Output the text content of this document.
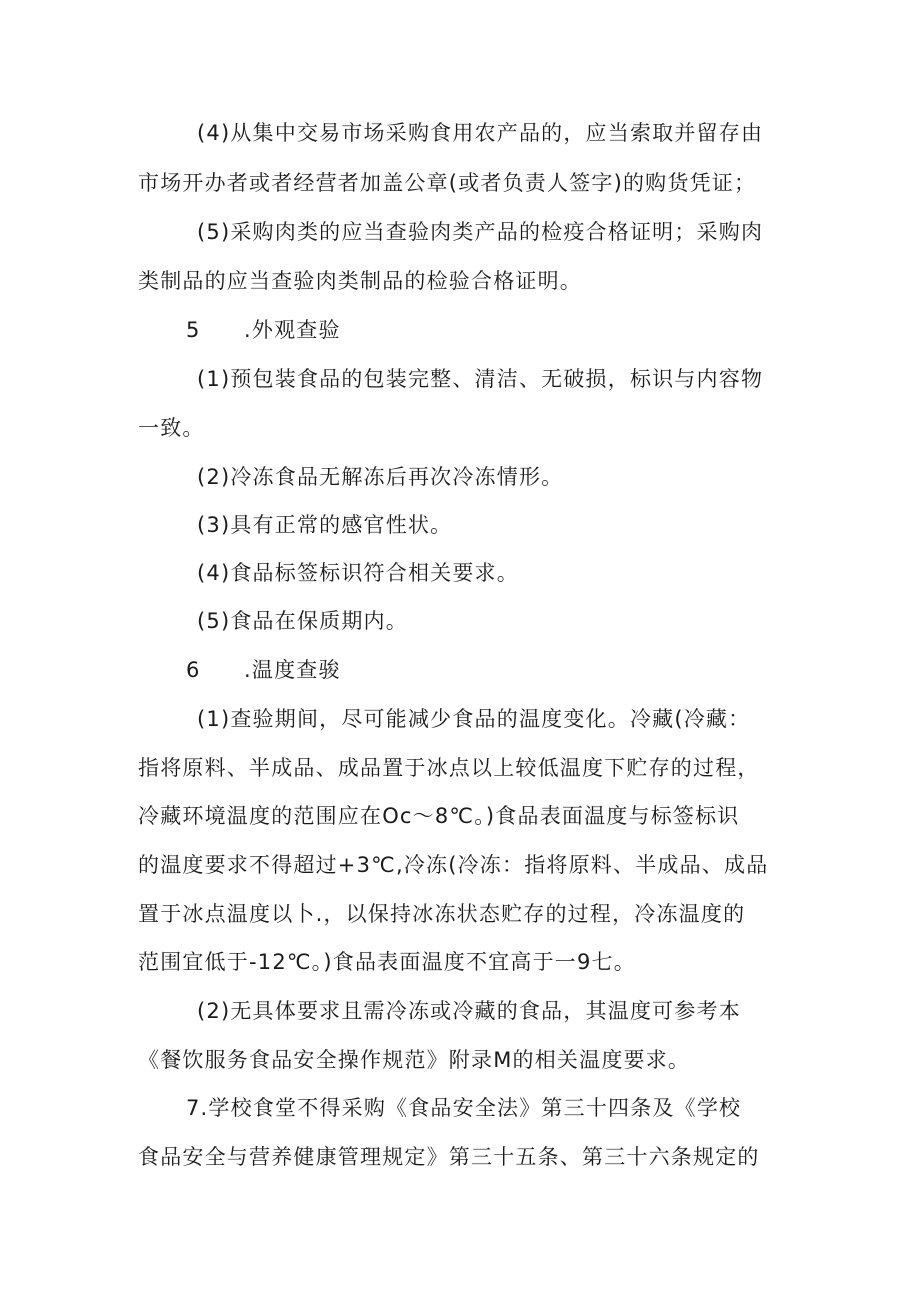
(4)从集中交易市场采购食用农产品的，应当索取并留存由
市场开办者或者经营者加盖公章(或者负责人签字)的购货凭证；
(5)采购肉类的应当查验肉类产品的检疫合格证明；采购肉
类制品的应当查验肉类制品的检验合格证明。
5 .外观查验
(1)预包装食品的包装完整、清洁、无破损，标识与内容物
一致。
(2)冷冻食品无解冻后再次冷冻情形。
(3)具有正常的感官性状。
(4)食品标签标识符合相关要求。
(5)食品在保质期内。
6 .温度查骏
(1)查验期间，尽可能减少食品的温度变化。冷藏(冷藏：
指将原料、半成品、成品置于冰点以上较低温度下贮存的过程，
冷藏环境温度的范围应在Oc〜8℃。)食品表面温度与标签标识
的温度要求不得超过+3℃,冷冻(冷冻：指将原料、半成品、成品
置于冰点温度以卜.，以保持冰冻状态贮存的过程，冷冻温度的
范围宜低于-12℃。)食品表面温度不宜高于一9七。
(2)无具体要求且需冷冻或冷藏的食品，其温度可参考本
《餐饮服务食品安全操作规范》附录M的相关温度要求。
7.学校食堂不得采购《食品安全法》第三十四条及《学校
食品安全与营养健康管理规定》第三十五条、第三十六条规定的
